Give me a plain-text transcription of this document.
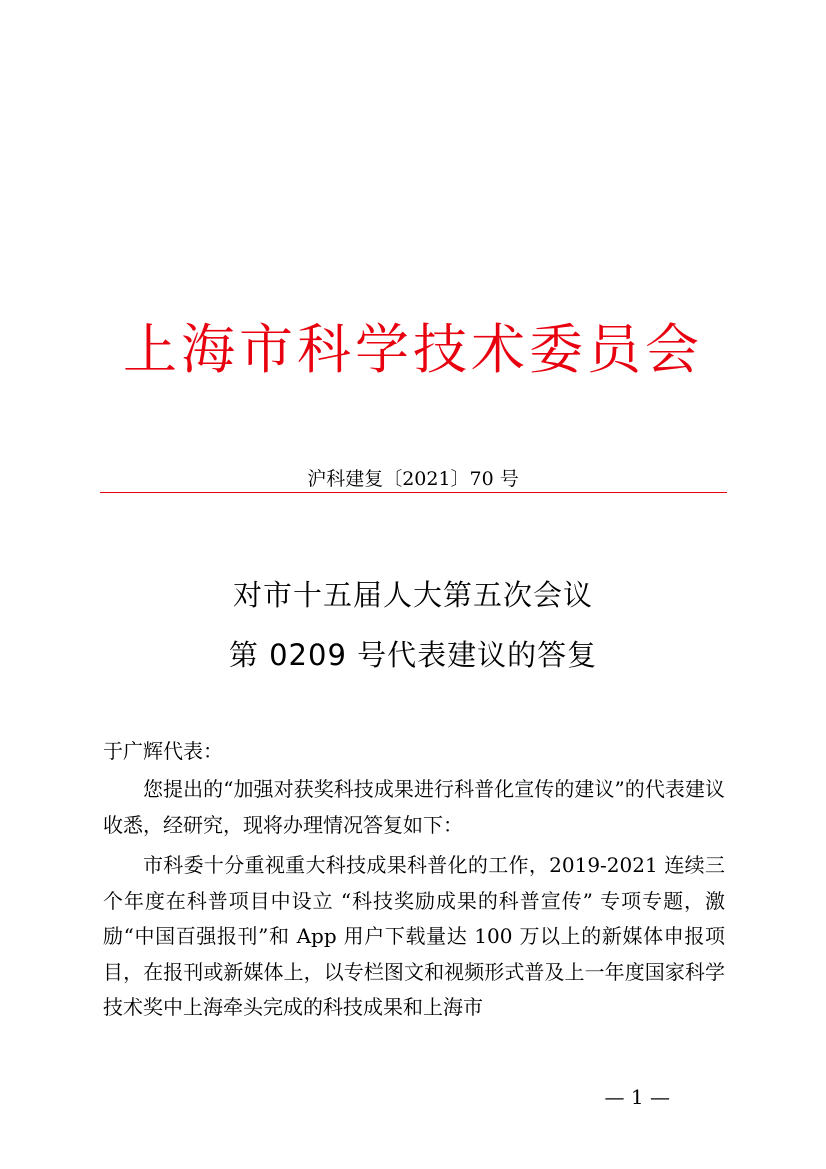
上海市科学技术委员会
沪科建复〔2021〕70 号
对市十五届人大第五次会议
第 0209 号代表建议的答复
于广辉代表：

您提出的“加强对获奖科技成果进行科普化宣传的建议”的代表建议收悉，经研究，现将办理情况答复如下：

市科委十分重视重大科技成果科普化的工作，2019-2021 连续三个年度在科普项目中设立 “科技奖励成果的科普宣传” 专项专题，激励“中国百强报刊”和 App 用户下载量达 100 万以上的新媒体申报项目，在报刊或新媒体上，以专栏图文和视频形式普及上一年度国家科学技术奖中上海牵头完成的科技成果和上海市

— 1 —
